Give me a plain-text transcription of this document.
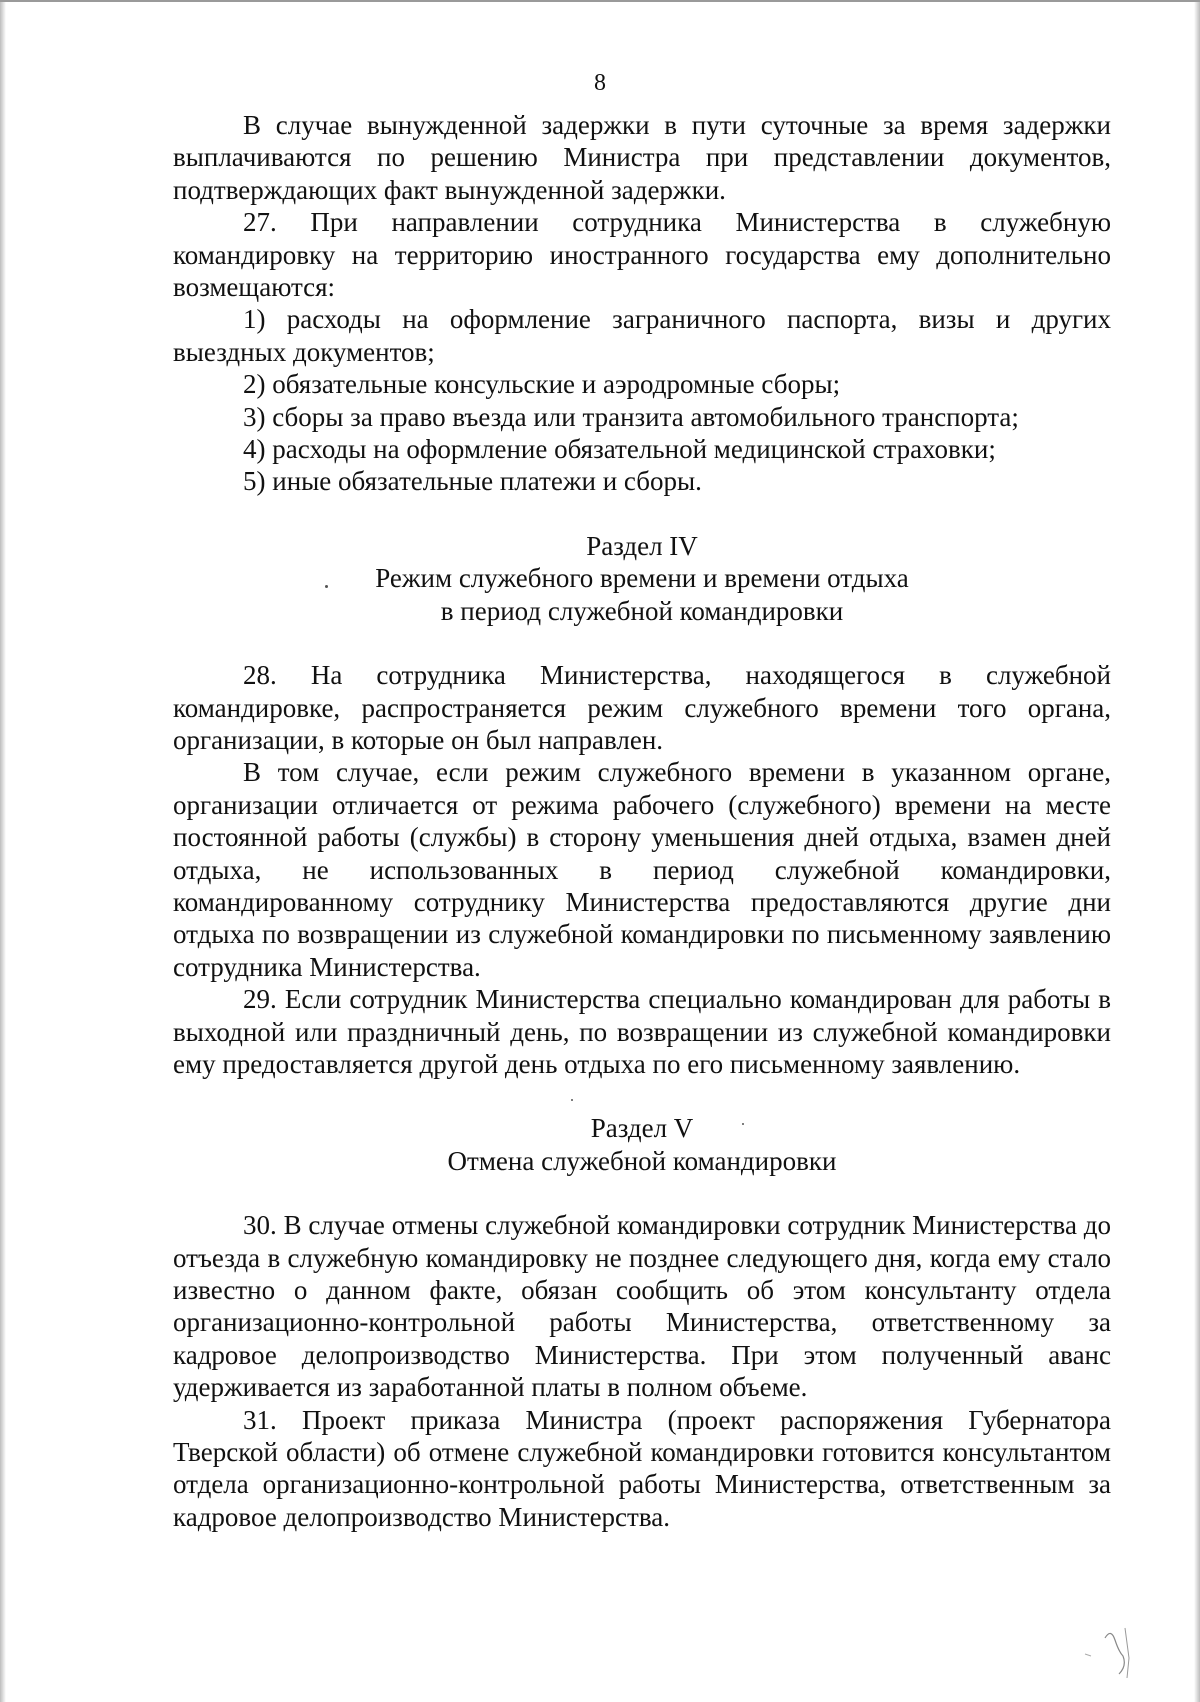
8

В случае вынужденной задержки в пути суточные за время задержки выплачиваются по решению Министра при представлении документов, подтверждающих факт вынужденной задержки.

27. При направлении сотрудника Министерства в служебную командировку на территорию иностранного государства ему дополнительно возмещаются:

1) расходы на оформление заграничного паспорта, визы и других выездных документов;

2) обязательные консульские и аэродромные сборы;

3) сборы за право въезда или транзита автомобильного транспорта;

4) расходы на оформление обязательной медицинской страховки;

5) иные обязательные платежи и сборы.

Раздел IV
Режим служебного времени и времени отдыха
в период служебной командировки

28. На сотрудника Министерства, находящегося в служебной командировке, распространяется режим служебного времени того органа, организации, в которые он был направлен.

В том случае, если режим служебного времени в указанном органе, организации отличается от режима рабочего (служебного) времени на месте постоянной работы (службы) в сторону уменьшения дней отдыха, взамен дней отдыха, не использованных в период служебной командировки, командированному сотруднику Министерства предоставляются другие дни отдыха по возвращении из служебной командировки по письменному заявлению сотрудника Министерства.

29. Если сотрудник Министерства специально командирован для работы в выходной или праздничный день, по возвращении из служебной командировки ему предоставляется другой день отдыха по его письменному заявлению.

Раздел V
Отмена служебной командировки

30. В случае отмены служебной командировки сотрудник Министерства до отъезда в служебную командировку не позднее следующего дня, когда ему стало известно о данном факте, обязан сообщить об этом консультанту отдела организационно-контрольной работы Министерства, ответственному за кадровое делопроизводство Министерства. При этом полученный аванс удерживается из заработанной платы в полном объеме.

31. Проект приказа Министра (проект распоряжения Губернатора Тверской области) об отмене служебной командировки готовится консультантом отдела организационно-контрольной работы Министерства, ответственным за кадровое делопроизводство Министерства.
